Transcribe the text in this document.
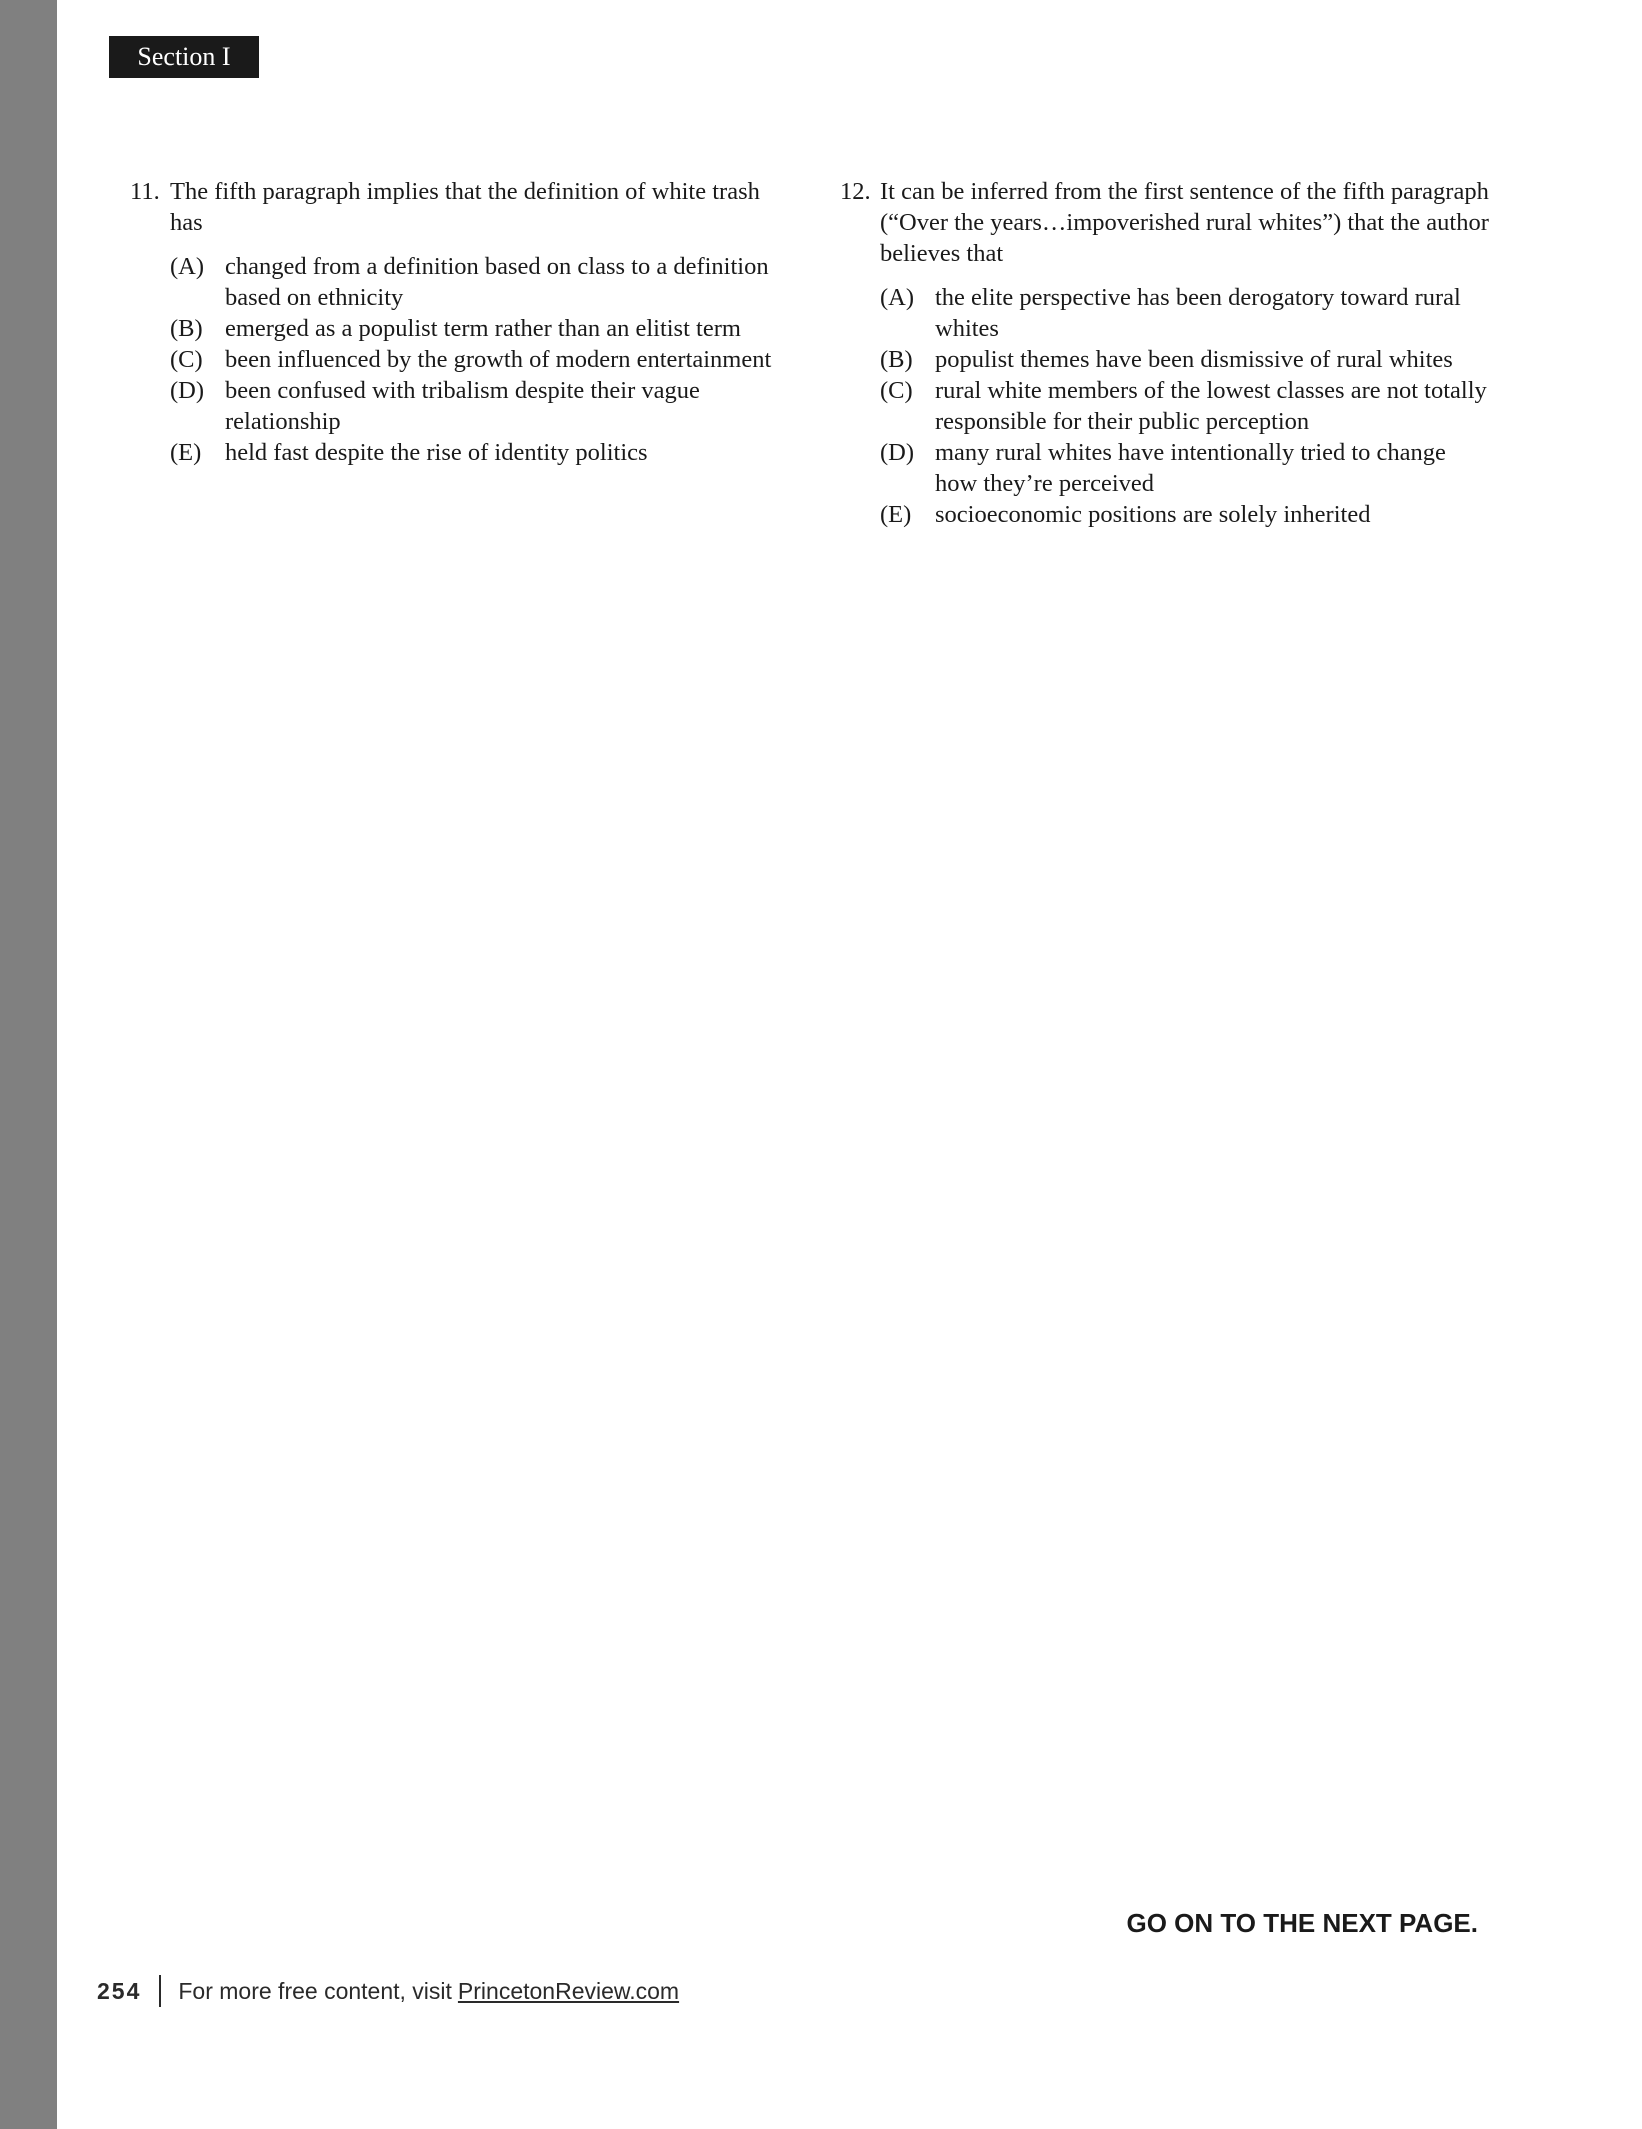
Section I
11. The fifth paragraph implies that the definition of white trash has
(A) changed from a definition based on class to a definition based on ethnicity
(B) emerged as a populist term rather than an elitist term
(C) been influenced by the growth of modern entertainment
(D) been confused with tribalism despite their vague relationship
(E) held fast despite the rise of identity politics
12. It can be inferred from the first sentence of the fifth paragraph (“Over the years…impoverished rural whites”) that the author believes that
(A) the elite perspective has been derogatory toward rural whites
(B) populist themes have been dismissive of rural whites
(C) rural white members of the lowest classes are not totally responsible for their public perception
(D) many rural whites have intentionally tried to change how they’re perceived
(E) socioeconomic positions are solely inherited
GO ON TO THE NEXT PAGE.
254 For more free content, visit PrincetonReview.com
